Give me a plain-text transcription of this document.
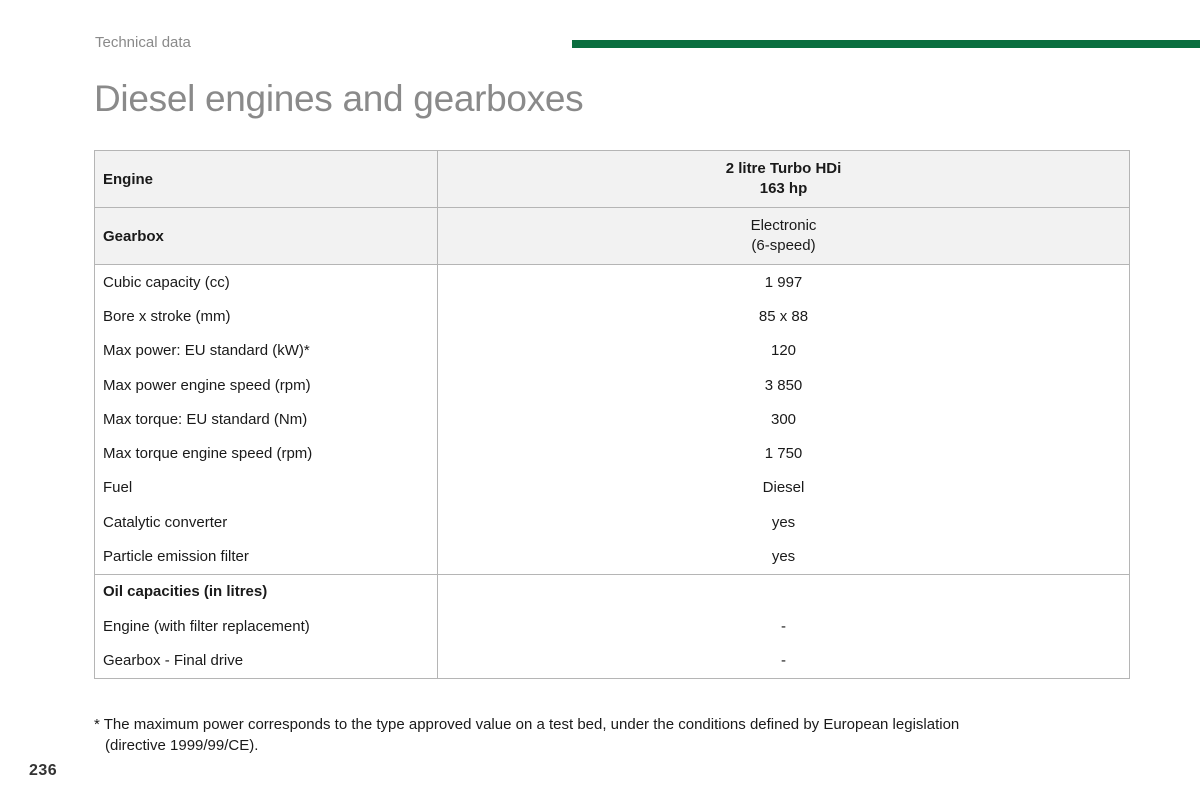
Technical data
Diesel engines and gearboxes
Engine	2 litre Turbo HDi
163 hp

Gearbox	Electronic
(6-speed)

Cubic capacity (cc)	1 997
Bore x stroke (mm)	85 x 88
Max power: EU standard (kW)*	120
Max power engine speed (rpm)	3 850
Max torque: EU standard (Nm)	300
Max torque engine speed (rpm)	1 750
Fuel	Diesel
Catalytic converter	yes
Particle emission filter	yes
Oil capacities (in litres)	
Engine (with filter replacement)	-
Gearbox - Final drive	-
* The maximum power corresponds to the type approved value on a test bed, under the conditions defined by European legislation
(directive 1999/99/CE).
236
